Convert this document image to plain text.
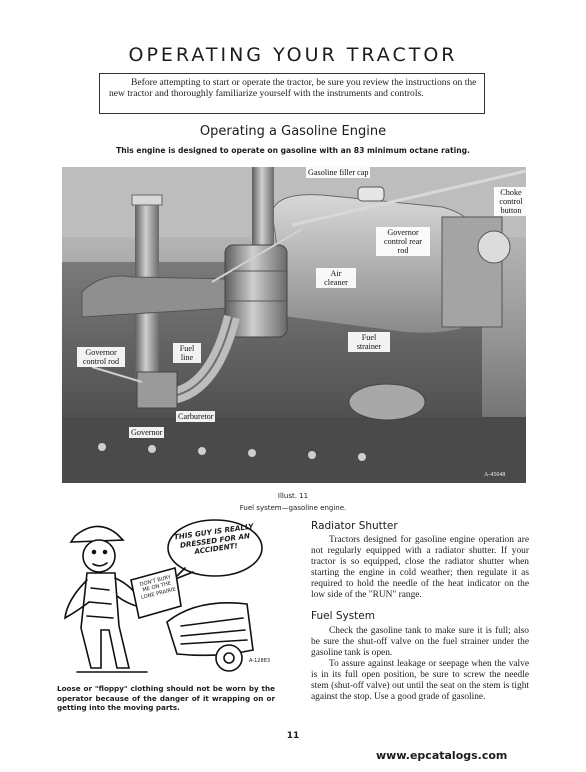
OPERATING YOUR TRACTOR
Before attempting to start or operate the tractor, be sure you review the instructions on the new tractor and thoroughly familiarize yourself with the instruments and controls.
Operating a Gasoline Engine
This engine is designed to operate on gasoline with an 83 minimum octane rating.
Gasoline filler cap
Choke control button
Governor control rear rod
Air cleaner
Fuel strainer
Governor control rod
Fuel line
Carburetor
Governor
A-45048
Illust. 11
Fuel system—gasoline engine.
THIS GUY IS REALLY DRESSED FOR AN ACCIDENT!
DON'T BURY ME ON THE LONE PRAIRIE
A-12883
Loose or "floppy" clothing should not be worn by the operator because of the danger of it wrapping on or getting into the moving parts.
Radiator Shutter

Tractors designed for gasoline engine operation are not regularly equipped with a radiator shutter. If your tractor is so equipped, close the radiator shutter when starting the engine in cold weather; then regulate it as required to hold the needle of the heat indicator on the low side of the "RUN" range.

Fuel System

Check the gasoline tank to make sure it is full; also be sure the shut-off valve on the fuel strainer under the gasoline tank is open.

To assure against leakage or seepage when the valve is in its full open position, be sure to screw the needle stem (shut-off valve) out until the seat on the stem is tight against the stop. Use a good grade of gasoline.

11
www.epcatalogs.com
